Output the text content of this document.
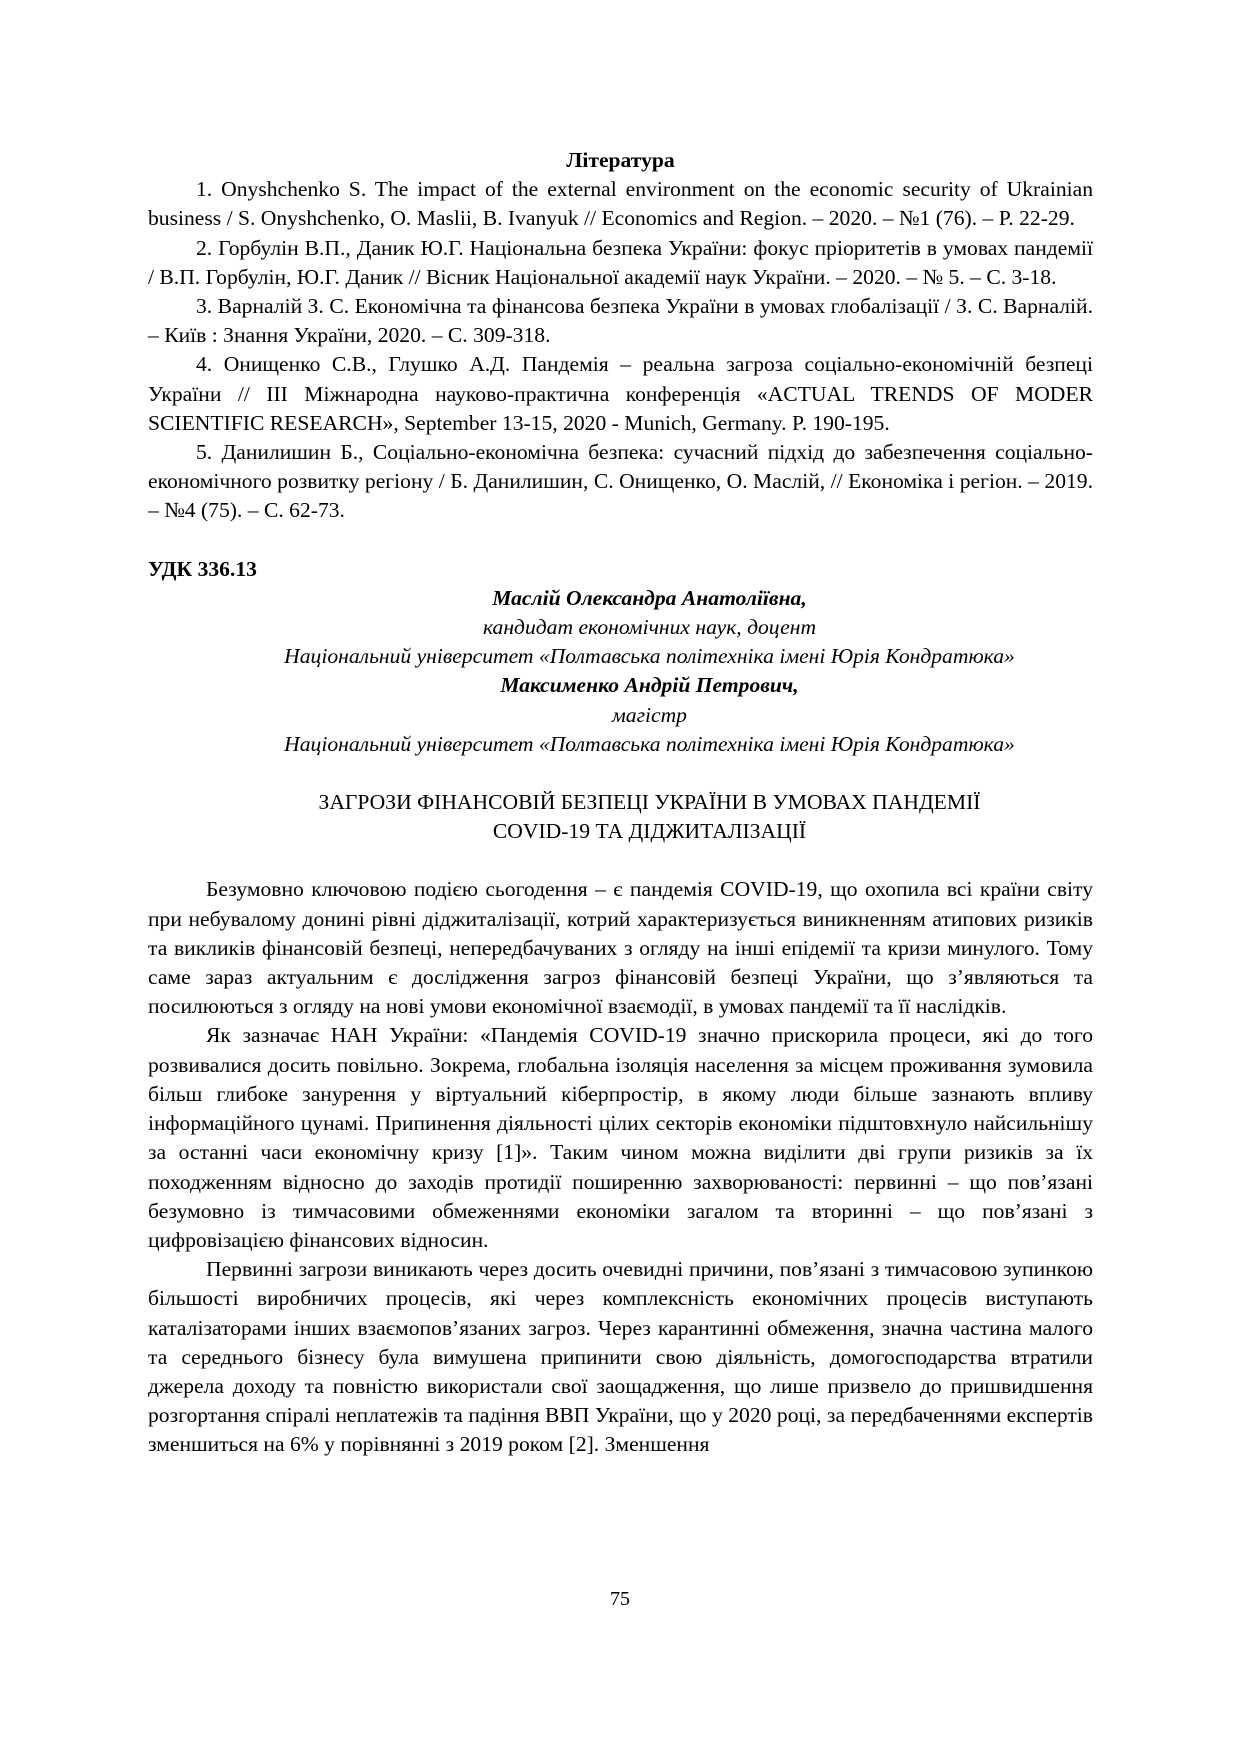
Література

1. Onyshchenko S. The impact of the external environment on the economic security of Ukrainian business / S. Onyshchenko, O. Maslii, B. Ivanyuk // Economics and Region. – 2020. – №1 (76). – P. 22-29.

2. Горбулін В.П., Даник Ю.Г. Національна безпека України: фокус пріоритетів в умовах пандемії / В.П. Горбулін, Ю.Г. Даник // Вісник Національної академії наук України. – 2020. – № 5. – С. 3-18.

3. Варналій З. С. Економічна та фінансова безпека України в умовах глобалізації / З. С. Варналій. – Київ : Знання України, 2020. – С. 309-318.

4. Онищенко С.В., Глушко А.Д. Пандемія – реальна загроза соціально-економічній безпеці України // ІІІ Міжнародна науково-практична конференція «ACTUAL TRENDS OF MODER SCIENTIFIC RESEARCH», September 13-15, 2020 - Munich, Germany. P. 190-195.

5. Данилишин Б., Соціально-економічна безпека: сучасний підхід до забезпечення соціально-економічного розвитку регіону / Б. Данилишин, С. Онищенко, О. Маслій, // Економіка і регіон. – 2019. – №4 (75). – С. 62-73.

УДК 336.13

Маслій Олександра Анатоліївна,

кандидат економічних наук, доцент

Національний університет «Полтавська політехніка імені Юрія Кондратюка»

Максименко Андрій Петрович,

магістр

Національний університет «Полтавська політехніка імені Юрія Кондратюка»

ЗАГРОЗИ ФІНАНСОВІЙ БЕЗПЕЦІ УКРАЇНИ В УМОВАХ ПАНДЕМІЇ

COVID-19 ТА ДІДЖИТАЛІЗАЦІЇ

Безумовно ключовою подією сьогодення – є пандемія COVID-19, що охопила всі країни світу при небувалому донині рівні діджиталізації, котрий характеризується виникненням атипових ризиків та викликів фінансовій безпеці, непередбачуваних з огляду на інші епідемії та кризи минулого. Тому саме зараз актуальним є дослідження загроз фінансовій безпеці України, що з’являються та посилюються з огляду на нові умови економічної взаємодії, в умовах пандемії та її наслідків.

Як зазначає НАН України: «Пандемія COVID-19 значно прискорила процеси, які до того розвивалися досить повільно. Зокрема, глобальна ізоляція населення за місцем проживання зумовила більш глибоке занурення у віртуальний кіберпростір, в якому люди більше зазнають впливу інформаційного цунамі. Припинення діяльності цілих секторів економіки підштовхнуло найсильнішу за останні часи економічну кризу [1]». Таким чином можна виділити дві групи ризиків за їх походженням відносно до заходів протидії поширенню захворюваності: первинні – що пов’язані безумовно із тимчасовими обмеженнями економіки загалом та вторинні – що пов’язані з цифровізацією фінансових відносин.

Первинні загрози виникають через досить очевидні причини, пов’язані з тимчасовою зупинкою більшості виробничих процесів, які через комплексність економічних процесів виступають каталізаторами інших взаємопов’язаних загроз. Через карантинні обмеження, значна частина малого та середнього бізнесу була вимушена припинити свою діяльність, домогосподарства втратили джерела доходу та повністю використали свої заощадження, що лише призвело до пришвидшення розгортання спіралі неплатежів та падіння ВВП України, що у 2020 році, за передбаченнями експертів зменшиться на 6% у порівнянні з 2019 роком [2]. Зменшення

75
